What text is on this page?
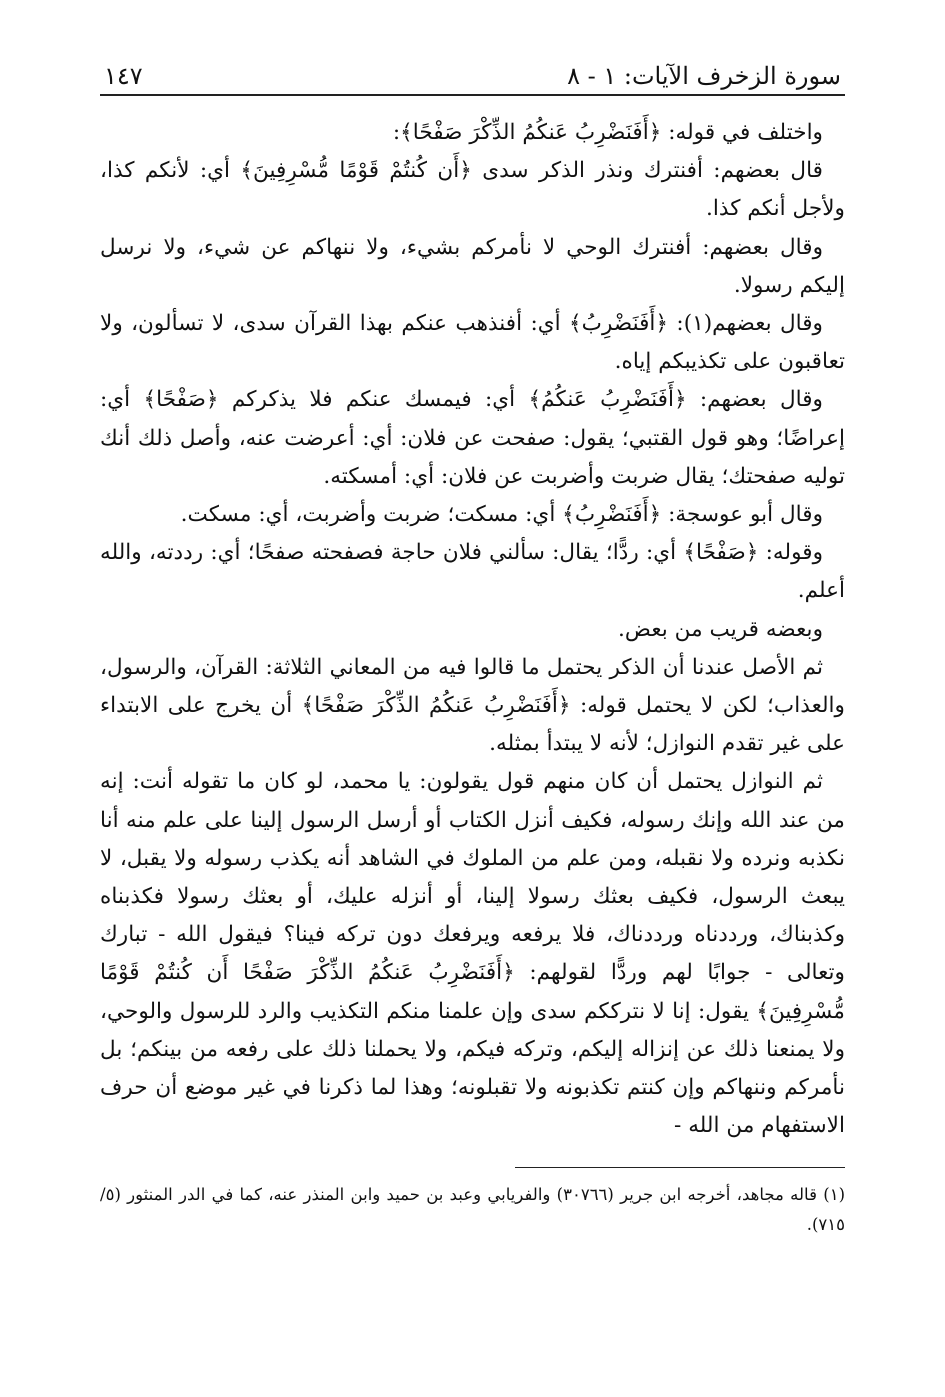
سورة الزخرف الآيات: ١ - ٨
١٤٧

واختلف في قوله: ﴿أَفَنَضْرِبُ عَنكُمُ الذِّكْرَ صَفْحًا﴾:

قال بعضهم: أفنترك ونذر الذكر سدى ﴿أَن كُنتُمْ قَوْمًا مُّسْرِفِينَ﴾ أي: لأنكم كذا، ولأجل أنكم كذا.

وقال بعضهم: أفنترك الوحي لا نأمركم بشيء، ولا ننهاكم عن شيء، ولا نرسل إليكم رسولا.

وقال بعضهم(١): ﴿أَفَنَضْرِبُ﴾ أي: أفنذهب عنكم بهذا القرآن سدى، لا تسألون، ولا تعاقبون على تكذيبكم إياه.

وقال بعضهم: ﴿أَفَنَضْرِبُ عَنكُمُ﴾ أي: فيمسك عنكم فلا يذكركم ﴿صَفْحًا﴾ أي: إعراضًا؛ وهو قول القتبي؛ يقول: صفحت عن فلان: أي: أعرضت عنه، وأصل ذلك أنك توليه صفحتك؛ يقال ضربت وأضربت عن فلان: أي: أمسكته.

وقال أبو عوسجة: ﴿أَفَنَضْرِبُ﴾ أي: مسكت؛ ضربت وأضربت، أي: مسكت.

وقوله: ﴿صَفْحًا﴾ أي: ردًّا؛ يقال: سألني فلان حاجة فصفحته صفحًا؛ أي: رددته، والله أعلم.

وبعضه قريب من بعض.

ثم الأصل عندنا أن الذكر يحتمل ما قالوا فيه من المعاني الثلاثة: القرآن، والرسول، والعذاب؛ لكن لا يحتمل قوله: ﴿أَفَنَضْرِبُ عَنكُمُ الذِّكْرَ صَفْحًا﴾ أن يخرج على الابتداء على غير تقدم النوازل؛ لأنه لا يبتدأ بمثله.

ثم النوازل يحتمل أن كان منهم قول يقولون: يا محمد، لو كان ما تقوله أنت: إنه من عند الله وإنك رسوله، فكيف أنزل الكتاب أو أرسل الرسول إلينا على علم منه أنا نكذبه ونرده ولا نقبله، ومن علم من الملوك في الشاهد أنه يكذب رسوله ولا يقبل، لا يبعث الرسول، فكيف بعثك رسولا إلينا، أو أنزله عليك، أو بعثك رسولا فكذبناه وكذبناك، ورددناه ورددناك، فلا يرفعه ويرفعك دون تركه فينا؟ فيقول الله - تبارك وتعالى - جوابًا لهم وردًّا لقولهم: ﴿أَفَنَضْرِبُ عَنكُمُ الذِّكْرَ صَفْحًا أَن كُنتُمْ قَوْمًا مُّسْرِفِينَ﴾ يقول: إنا لا نترككم سدى وإن علمنا منكم التكذيب والرد للرسول والوحي، ولا يمنعنا ذلك عن إنزاله إليكم، وتركه فيكم، ولا يحملنا ذلك على رفعه من بينكم؛ بل نأمركم وننهاكم وإن كنتم تكذبونه ولا تقبلونه؛ وهذا لما ذكرنا في غير موضع أن حرف الاستفهام من الله -

(١) قاله مجاهد، أخرجه ابن جرير (٣٠٧٦٦) والفريابي وعبد بن حميد وابن المنذر عنه، كما في الدر المنثور (٥/ ٧١٥).
